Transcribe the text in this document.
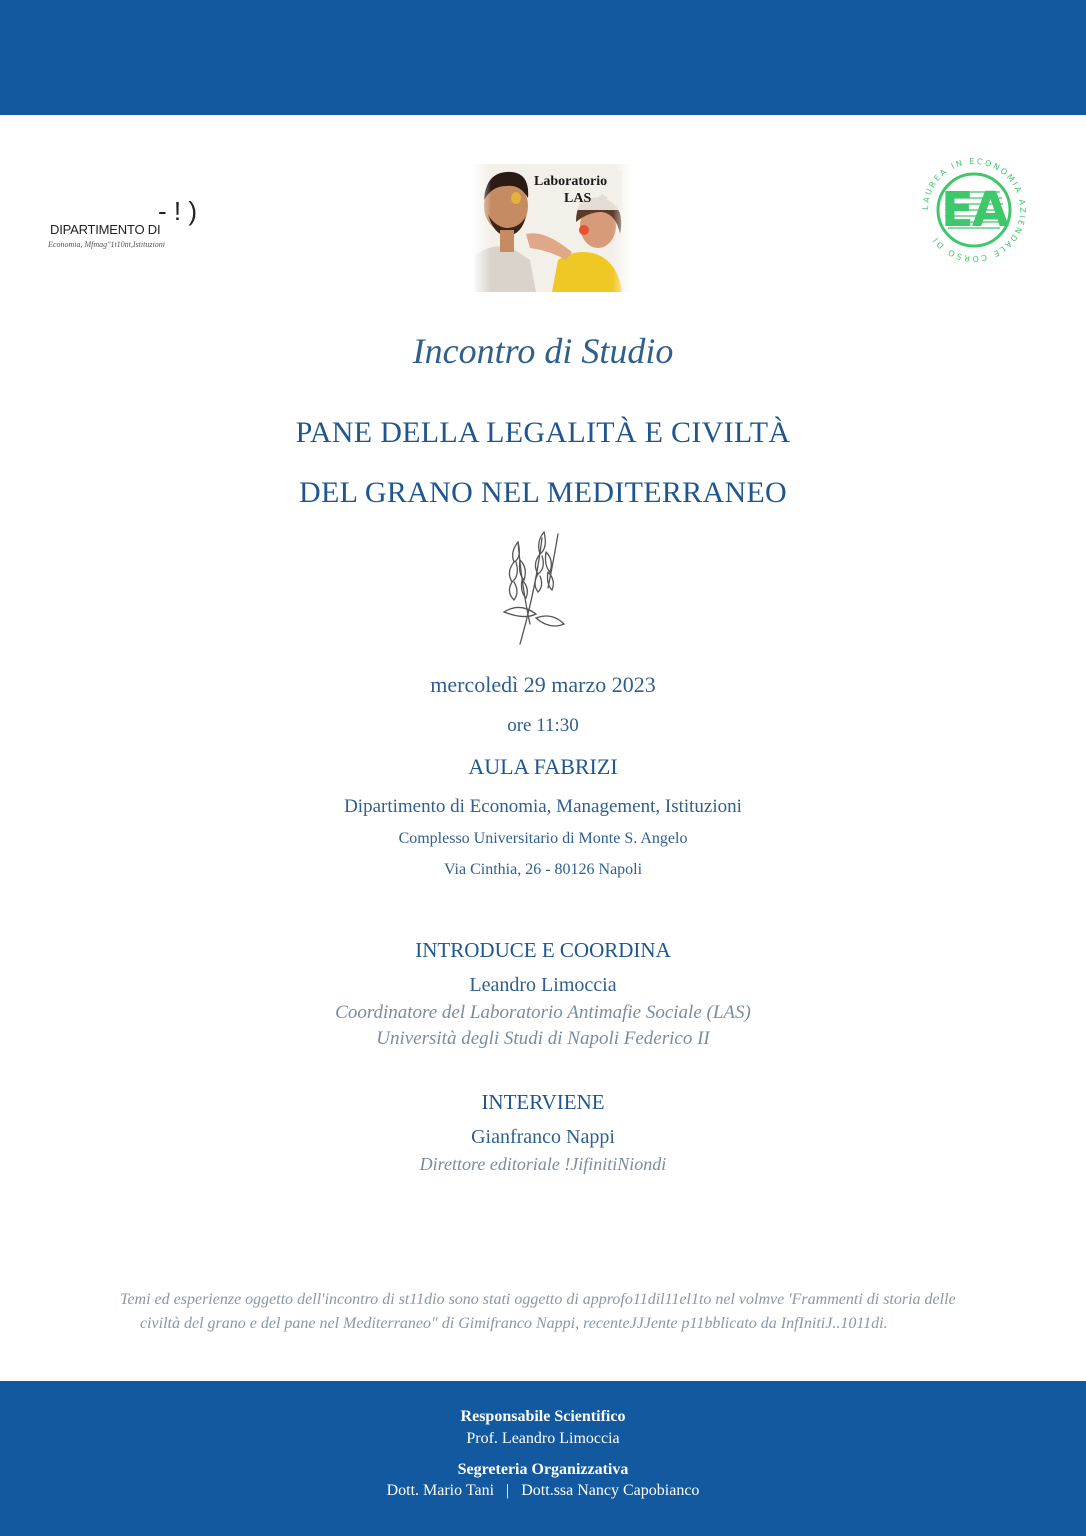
- ! )
DIPARTIMENTO DI
Economia, Mfmag"1t10nt,Istituzioni
Laboratorio
LAS
LAUREA IN ECONOMIA AZIENDALE CORSO DI
EA
Incontro di Studio
PANE DELLA LEGALITÀ E CIVILTÀ
DEL GRANO NEL MEDITERRANEO
mercoledì 29 marzo 2023
ore 11:30
AULA FABRIZI
Dipartimento di Economia, Management, Istituzioni
Complesso Universitario di Monte S. Angelo
Via Cinthia, 26 - 80126 Napoli
INTRODUCE E COORDINA
Leandro Limoccia
Coordinatore del Laboratorio Antimafie Sociale (LAS)
Università degli Studi di Napoli Federico II
INTERVIENE
Gianfranco Nappi
Direttore editoriale !JifinitiNiondi
Temi ed esperienze oggetto dell'incontro di st11dio sono stati oggetto di approfo11dil11el1to nel volmve 'Frammenti di storia delle
civiltà del grano e del pane nel Mediterraneo" di Gimifranco Nappi, recenteJJJente p11bblicato da InfInitiJ..1011di.
Responsabile Scientifico
Prof. Leandro Limoccia
Segreteria Organizzativa
Dott. Mario Tani   |   Dott.ssa Nancy Capobianco
